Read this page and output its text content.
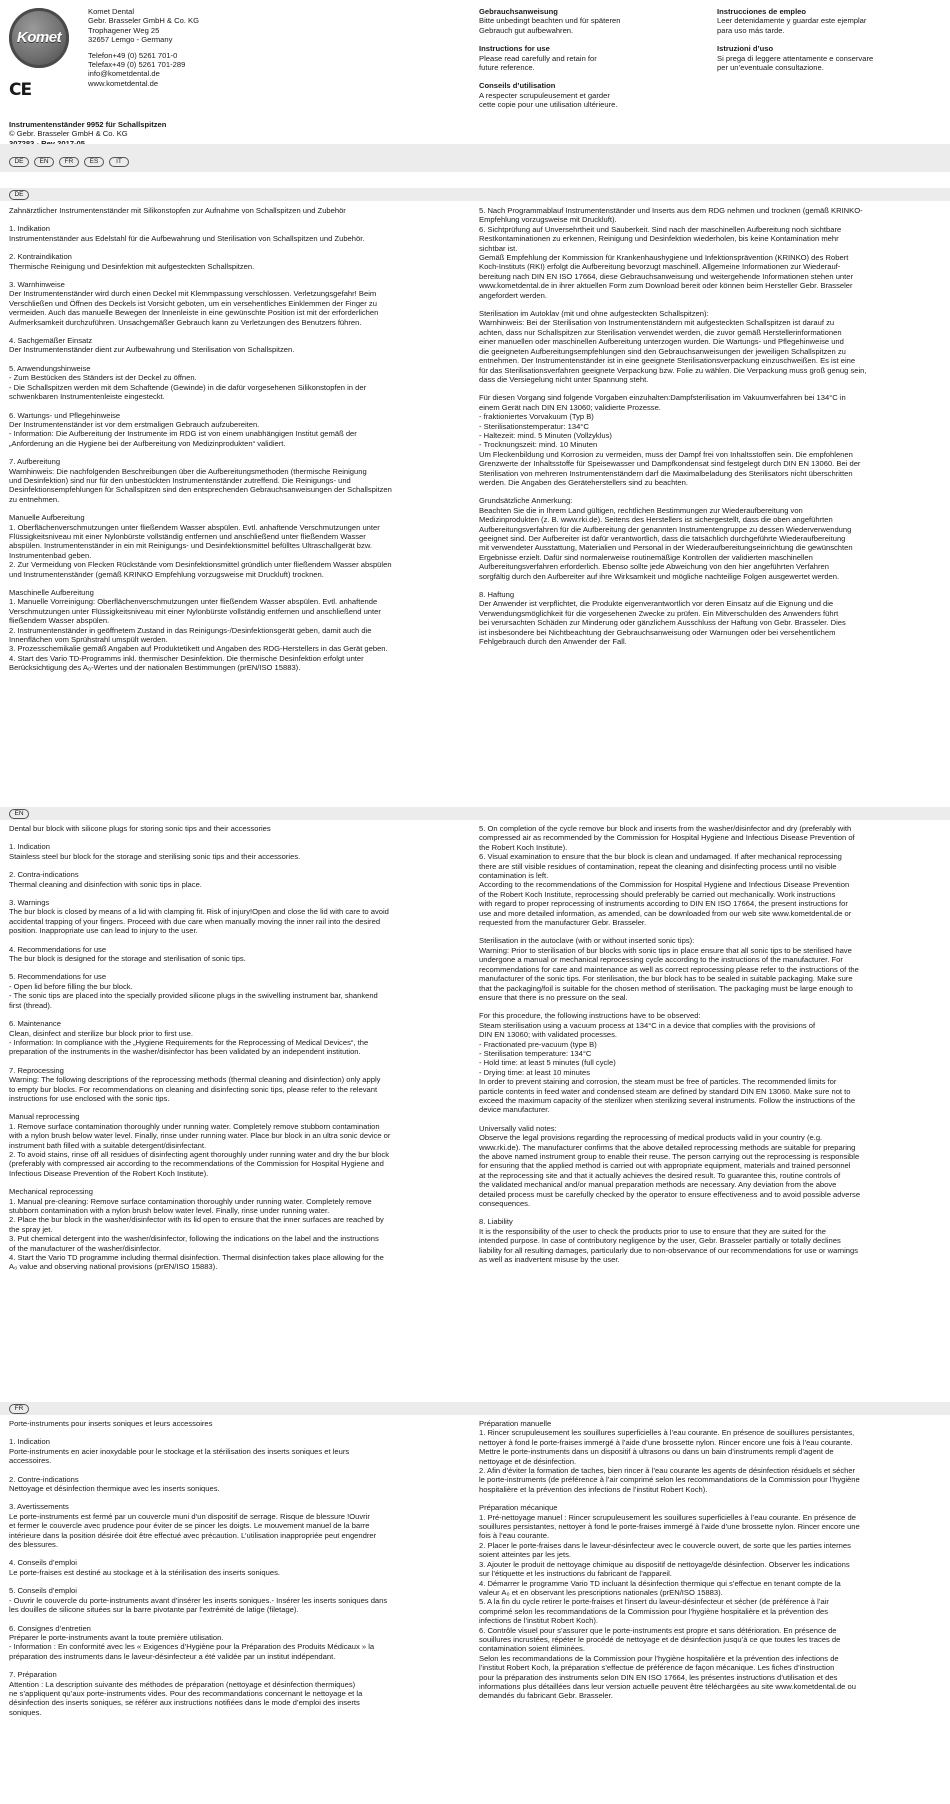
Komet
CE
Komet Dental
Gebr. Brasseler GmbH & Co. KG
Trophagener Weg 25
32657 Lemgo - Germany
Telefon+49 (0) 5261 701-0
Telefax+49 (0) 5261 701-289
info@kometdental.de
www.kometdental.de
Instrumentenständer 9952 für Schallspitzen
© Gebr. Brasseler GmbH & Co. KG
Gebrauchsanweisung
Bitte unbedingt beachten und für späteren
Gebrauch gut aufbewahren.
Instructions for use
Please read carefully and retain for
future reference.
Conseils d’utilisation
A respecter scrupuleusement et garder
cette copie pour une utilisation ultérieure.
Instrucciones de empleo
Leer detenidamente y guardar este ejemplar
para uso más tarde.
Istruzioni d’uso
Si prega di leggere attentamente e conservare
per un’eventuale consultazione.
DE	EN	FR	ES	IT
DE
Zahnärztlicher Instrumentenständer mit Silikonstopfen zur Aufnahme von Schallspitzen und Zubehör
1. Indikation
Instrumentenständer aus Edelstahl für die Aufbewahrung und Sterilisation von Schallspitzen und Zubehör.
2. Kontraindikation
Thermische Reinigung und Desinfektion mit aufgesteckten Schallspitzen.
3. Warnhinweise
Der Instrumentenständer wird durch einen Deckel mit Klemmpassung verschlossen. Verletzungsgefahr! Beim
Verschließen und Öffnen des Deckels ist Vorsicht geboten, um ein versehentliches Einklemmen der Finger zu
vermeiden. Auch das manuelle Bewegen der Innenleiste in eine gewünschte Position ist mit der erforderlichen
Aufmerksamkeit durchzuführen. Unsachgemäßer Gebrauch kann zu Verletzungen des Benutzers führen.
4. Sachgemäßer Einsatz
Der Instrumentenständer dient zur Aufbewahrung und Sterilisation von Schallspitzen.
5. Anwendungshinweise
- Zum Bestücken des Ständers ist der Deckel zu öffnen.
- Die Schallspitzen werden mit dem Schaftende (Gewinde) in die dafür vorgesehenen Silikonstopfen in der
schwenkbaren Instrumentenleiste eingesteckt.
6. Wartungs- und Pflegehinweise
Der Instrumentenständer ist vor dem erstmaligen Gebrauch aufzubereiten.
- Information: Die Aufbereitung der Instrumente im RDG ist von einem unabhängigen Institut gemäß der
„Anforderung an die Hygiene bei der Aufbereitung von Medizinprodukten“ validiert.
7. Aufbereitung
Warnhinweis: Die nachfolgenden Beschreibungen über die Aufbereitungsmethoden (thermische Reinigung
und Desinfektion) sind nur für den unbestückten Instrumentenständer zutreffend. Die Reinigungs- und
Desinfektionsempfehlungen für Schallspitzen sind den entsprechenden Gebrauchsanweisungen der Schallspitzen
zu entnehmen.
Manuelle Aufbereitung
1. Oberflächenverschmutzungen unter fließendem Wasser abspülen. Evtl. anhaftende Verschmutzungen unter
Flüssigkeitsniveau mit einer Nylonbürste vollständig entfernen und anschließend unter fließendem Wasser
abspülen. Instrumentenständer in ein mit Reinigungs- und Desinfektionsmittel befülltes Ultraschallgerät bzw.
Instrumentenbad geben.
2. Zur Vermeidung von Flecken Rückstände vom Desinfektionsmittel gründlich unter fließendem Wasser abspülen
und Instrumentenständer (gemäß KRINKO Empfehlung vorzugsweise mit Druckluft) trocknen.
Maschinelle Aufbereitung
1. Manuelle Vorreinigung: Oberflächenverschmutzungen unter fließendem Wasser abspülen. Evtl. anhaftende
Verschmutzungen unter Flüssigkeitsniveau mit einer Nylonbürste vollständig entfernen und anschließend unter
fließendem Wasser abspülen.
2. Instrumentenständer in geöffnetem Zustand in das Reinigungs-/Desinfektionsgerät geben, damit auch die
Innenflächen vom Sprühstrahl umspült werden.
3. Prozesschemikalie gemäß Angaben auf Produktetikett und Angaben des RDG-Herstellers in das Gerät geben.
4. Start des Vario TD-Programms inkl. thermischer Desinfektion. Die thermische Desinfektion erfolgt unter
Berücksichtigung des A₀-Wertes und der nationalen Bestimmungen (prEN/ISO 15883).
5. Nach Programmablauf Instrumentenständer und Inserts aus dem RDG nehmen und trocknen (gemäß KRINKO-
Empfehlung vorzugsweise mit Druckluft).
6. Sichtprüfung auf Unversehrtheit und Sauberkeit. Sind nach der maschinellen Aufbereitung noch sichtbare
Restkontaminationen zu erkennen, Reinigung und Desinfektion wiederholen, bis keine Kontamination mehr
sichtbar ist.
Gemäß Empfehlung der Kommission für Krankenhaushygiene und Infektionsprävention (KRINKO) des Robert
Koch-Instituts (RKI) erfolgt die Aufbereitung bevorzugt maschinell. Allgemeine Informationen zur Wiederauf-
bereitung nach DIN EN ISO 17664, diese Gebrauchsanweisung und weitergehende Informationen stehen unter
www.kometdental.de in ihrer aktuellen Form zum Download bereit oder können beim Hersteller Gebr. Brasseler
angefordert werden.
Sterilisation im Autoklav (mit und ohne aufgesteckten Schallspitzen):
Warnhinweis: Bei der Sterilisation von Instrumentenständern mit aufgesteckten Schallspitzen ist darauf zu
achten, dass nur Schallspitzen zur Sterilisation verwendet werden, die zuvor gemäß Herstellerinformationen
einer manuellen oder maschinellen Aufbereitung unterzogen wurden. Die Wartungs- und Pflegehinweise und
die geeigneten Aufbereitungsempfehlungen sind den Gebrauchsanweisungen der jeweiligen Schallspitzen zu
entnehmen. Der Instrumentenständer ist in eine geeignete Sterilisationsverpackung einzuschweißen. Es ist eine
für das Sterilisationsverfahren geeignete Verpackung bzw. Folie zu wählen. Die Verpackung muss groß genug sein,
dass die Versiegelung nicht unter Spannung steht.
Für diesen Vorgang sind folgende Vorgaben einzuhalten:Dampfsterilisation im Vakuumverfahren bei 134°C in
einem Gerät nach DIN EN 13060; validierte Prozesse.
- fraktioniertes Vorvakuum (Typ B)
- Sterilisationstemperatur: 134°C
- Haltezeit: mind. 5 Minuten (Vollzyklus)
- Trocknungszeit: mind. 10 Minuten
Um Fleckenbildung und Korrosion zu vermeiden, muss der Dampf frei von Inhaltsstoffen sein. Die empfohlenen
Grenzwerte der Inhaltsstoffe für Speisewasser und Dampfkondensat sind festgelegt durch DIN EN 13060. Bei der
Sterilisation von mehreren Instrumentenständern darf die Maximalbeladung des Sterilisators nicht überschritten
werden. Die Angaben des Geräteherstellers sind zu beachten.
Grundsätzliche Anmerkung:
Beachten Sie die in Ihrem Land gültigen, rechtlichen Bestimmungen zur Wiederaufbereitung von
Medizinprodukten (z. B. www.rki.de). Seitens des Herstellers ist sichergestellt, dass die oben angeführten
Aufbereitungsverfahren für die Aufbereitung der genannten Instrumentengruppe zu dessen Wiederverwendung
geeignet sind. Der Aufbereiter ist dafür verantwortlich, dass die tatsächlich durchgeführte Wiederaufbereitung
mit verwendeter Ausstattung, Materialien und Personal in der Wiederaufbereitungseinrichtung die gewünschten
Ergebnisse erzielt. Dafür sind normalerweise routinemäßige Kontrollen der validierten maschinellen
Aufbereitungsverfahren erforderlich. Ebenso sollte jede Abweichung von den hier angeführten Verfahren
sorgfältig durch den Aufbereiter auf ihre Wirksamkeit und mögliche nachteilige Folgen ausgewertet werden.
8. Haftung
Der Anwender ist verpflichtet, die Produkte eigenverantwortlich vor deren Einsatz auf die Eignung und die
Verwendungsmöglichkeit für die vorgesehenen Zwecke zu prüfen. Ein Mitverschulden des Anwenders führt
bei verursachten Schäden zur Minderung oder gänzlichem Ausschluss der Haftung von Gebr. Brasseler. Dies
ist insbesondere bei Nichtbeachtung der Gebrauchsanweisung oder Warnungen oder bei versehentlichem
Fehlgebrauch durch den Anwender der Fall.
EN
Dental bur block with silicone plugs for storing sonic tips and their accessories
1. Indication
Stainless steel bur block for the storage and sterilising sonic tips and their accessories.
2. Contra-indications
Thermal cleaning and disinfection with sonic tips in place.
3. Warnings
The bur block is closed by means of a lid with clamping fit. Risk of injury!Open and close the lid with care to avoid
accidental trapping of your fingers. Proceed with due care when manually moving the inner rail into the desired
position. Inappropriate use can lead to injury to the user.
4. Recommendations for use
The bur block is designed for the storage and sterilisation of sonic tips.
5. Recommendations for use
- Open lid before filling the bur block.
- The sonic tips are placed into the specially provided silicone plugs in the swivelling instrument bar, shankend
first (thread).
6. Maintenance
Clean, disinfect and sterilize bur block prior to first use.
- Information: In compliance with the „Hygiene Requirements for the Reprocessing of Medical Devices“, the
preparation of the instruments in the washer/disinfector has been validated by an independent institution.
7. Reprocessing
Warning: The following descriptions of the reprocessing methods (thermal cleaning and disinfection) only apply
to empty bur blocks. For recommendations on cleaning and disinfecting sonic tips, please refer to the relevant
instructions for use enclosed with the sonic tips.
Manual reprocessing
1. Remove surface contamination thoroughly under running water. Completely remove stubborn contamination
with a nylon brush below water level. Finally, rinse under running water. Place bur block in an ultra sonic device or
instrument bath filled with a suitable detergent/disinfectant.
2. To avoid stains, rinse off all residues of disinfecting agent thoroughly under running water and dry the bur block
(preferably with compressed air according to the recommendations of the Commission for Hospital Hygiene and
Infectious Disease Prevention of the Robert Koch Institute).
Mechanical reprocessing
1. Manual pre-cleaning: Remove surface contamination thoroughly under running water. Completely remove
stubborn contamination with a nylon brush below water level. Finally, rinse under running water.
2. Place the bur block in the washer/disinfector with its lid open to ensure that the inner surfaces are reached by
the spray jet.
3. Put chemical detergent into the washer/disinfector, following the indications on the label and the instructions
of the manufacturer of the washer/disinfector.
4. Start the Vario TD programme including thermal disinfection. Thermal disinfection takes place allowing for the
A₀ value and observing national provisions (prEN/ISO 15883).
5. On completion of the cycle remove bur block and inserts from the washer/disinfector and dry (preferably with
compressed air as recommended by the Commission for Hospital Hygiene and Infectious Disease Prevention of
the Robert Koch Institute).
6. Visual examination to ensure that the bur block is clean and undamaged. If after mechanical reprocessing
there are still visible residues of contamination, repeat the cleaning and disinfecting process until no visible
contamination is left.
According to the recommendations of the Commission for Hospital Hygiene and Infectious Disease Prevention
of the Robert Koch Institute, reprocessing should preferably be carried out mechanically. Work instructions
with regard to proper reprocessing of instruments according to DIN EN ISO 17664, the present instructions for
use and more detailed information, as amended, can be downloaded from our web site www.kometdental.de or
requested from the manufacturer Gebr. Brasseler.
Sterilisation in the autoclave (with or without inserted sonic tips):
Warning: Prior to sterilisation of bur blocks with sonic tips in place ensure that all sonic tips to be sterilised have
undergone a manual or mechanical reprocessing cycle according to the instructions of the manufacturer. For
recommendations for care and maintenance as well as correct reprocessing please refer to the instructions of the
manufacturer of the sonic tips. For sterilisation, the bur block has to be sealed in suitable packaging. Make sure
that the packaging/foil is suitable for the chosen method of sterilisation. The packaging must be large enough to
ensure that there is no pressure on the seal.
For this procedure, the following instructions have to be observed:
Steam sterilisation using a vacuum process at 134°C in a device that complies with the provisions of
DIN EN 13060; with validated processes.
- Fractionated pre-vacuum (type B)
- Sterilisation temperature: 134°C
- Hold time: at least 5 minutes (full cycle)
- Drying time: at least 10 minutes
In order to prevent staining and corrosion, the steam must be free of particles. The recommended limits for
particle contents in feed water and condensed steam are defined by standard DIN EN 13060. Make sure not to
exceed the maximum capacity of the sterilizer when sterilizing several instruments. Follow the instructions of the
device manufacturer.
Universally valid notes:
Observe the legal provisions regarding the reprocessing of medical products valid in your country (e.g.
www.rki.de). The manufacturer confirms that the above detailed reprocessing methods are suitable for preparing
the above named instrument group to enable their reuse. The person carrying out the reprocessing is responsible
for ensuring that the applied method is carried out with appropriate equipment, materials and trained personnel
at the reprocessing site and that it actually achieves the desired result. To guarantee this, routine controls of
the validated mechanical and/or manual preparation methods are necessary. Any deviation from the above
detailed process must be carefully checked by the operator to ensure effectiveness and to avoid possible adverse
consequences.
8. Liability
It is the responsibility of the user to check the products prior to use to ensure that they are suited for the
intended purpose. In case of contributory negligence by the user, Gebr. Brasseler partially or totally declines
liability for all resulting damages, particularly due to non-observance of our recommendations for use or warnings
as well as inadvertent misuse by the user.
FR
Porte-instruments pour inserts soniques et leurs accessoires
1. Indication
Porte-instruments en acier inoxydable pour le stockage et la stérilisation des inserts soniques et leurs
accessoires.
2. Contre-indications
Nettoyage et désinfection thermique avec les inserts soniques.
3. Avertissements
Le porte-instruments est fermé par un couvercle muni d’un dispositif de serrage. Risque de blessure !Ouvrir
et fermer le couvercle avec prudence pour éviter de se pincer les doigts. Le mouvement manuel de la barre
intérieure dans la position désirée doit être effectué avec précaution. L’utilisation inappropriée peut engendrer
des blessures.
4. Conseils d’emploi
Le porte-fraises est destiné au stockage et à la stérilisation des inserts soniques.
5. Conseils d’emploi
- Ouvrir le couvercle du porte-instruments avant d’insérer les inserts soniques.- Insérer les inserts soniques dans
les douilles de silicone situées sur la barre pivotante par l’extrémité de latige (filetage).
6. Consignes d’entretien
Préparer le porte-instruments avant la toute première utilisation.
- Information : En conformité avec les « Exigences d’Hygiène pour la Préparation des Produits Médicaux » la
préparation des instruments dans le laveur-désinfecteur a été validée par un institut indépendant.
7. Préparation
Attention : La description suivante des méthodes de préparation (nettoyage et désinfection thermiques)
ne s’appliquent qu’aux porte-instruments vides. Pour des recommandations concernant le nettoyage et la
désinfection des inserts soniques, se référer aux instructions notifiées dans le mode d’emploi des inserts
soniques.
Préparation manuelle
1. Rincer scrupuleusement les souillures superficielles à l’eau courante. En présence de souillures persistantes,
nettoyer à fond le porte-fraises immergé à l’aide d’une brossette nylon. Rincer encore une fois à l’eau courante.
Mettre le porte-instruments dans un dispositif à ultrasons ou dans un bain d’instruments rempli d’agent de
nettoyage et de désinfection.
2. Afin d’éviter la formation de taches, bien rincer à l’eau courante les agents de désinfection résiduels et sécher
le porte-instruments (de préférence à l’air comprimé selon les recommandations de la Commission pour l’hygiène
hospitalière et la prévention des infections de l’institut Robert Koch).
Préparation mécanique
1. Pré-nettoyage manuel : Rincer scrupuleusement les souillures superficielles à l’eau courante. En présence de
souillures persistantes, nettoyer à fond le porte-fraises immergé à l’aide d’une brossette nylon. Rincer encore une
fois à l’eau courante.
2. Placer le porte-fraises dans le laveur-désinfecteur avec le couvercle ouvert, de sorte que les parties internes
soient atteintes par les jets.
3. Ajouter le produit de nettoyage chimique au dispositif de nettoyage/de désinfection. Observer les indications
sur l’étiquette et les instructions du fabricant de l’appareil.
4. Démarrer le programme Vario TD incluant la désinfection thermique qui s’effectue en tenant compte de la
valeur A₀ et en observant les prescriptions nationales (prEN/ISO 15883).
5. A la fin du cycle retirer le porte-fraises et l’insert du laveur-désinfecteur et sécher (de préférence à l’air
comprimé selon les recommandations de la Commission pour l’hygiène hospitalière et la prévention des
infections de l’institut Robert Koch).
6. Contrôle visuel pour s’assurer que le porte-instruments est propre et sans détérioration. En présence de
souillures incrustées, répéter le procédé de nettoyage et de désinfection jusqu’à ce que toutes les traces de
contamination soient éliminées.
Selon les recommandations de la Commission pour l’hygiène hospitalière et la prévention des infections de
l’institut Robert Koch, la préparation s’effectue de préférence de façon mécanique. Les fiches d’instruction
pour la préparation des instruments selon DIN EN ISO 17664, les présentes instructions d’utilisation et des
informations plus détaillées dans leur version actuelle peuvent être téléchargées au site www.kometdental.de ou
demandés du fabricant Gebr. Brasseler.
